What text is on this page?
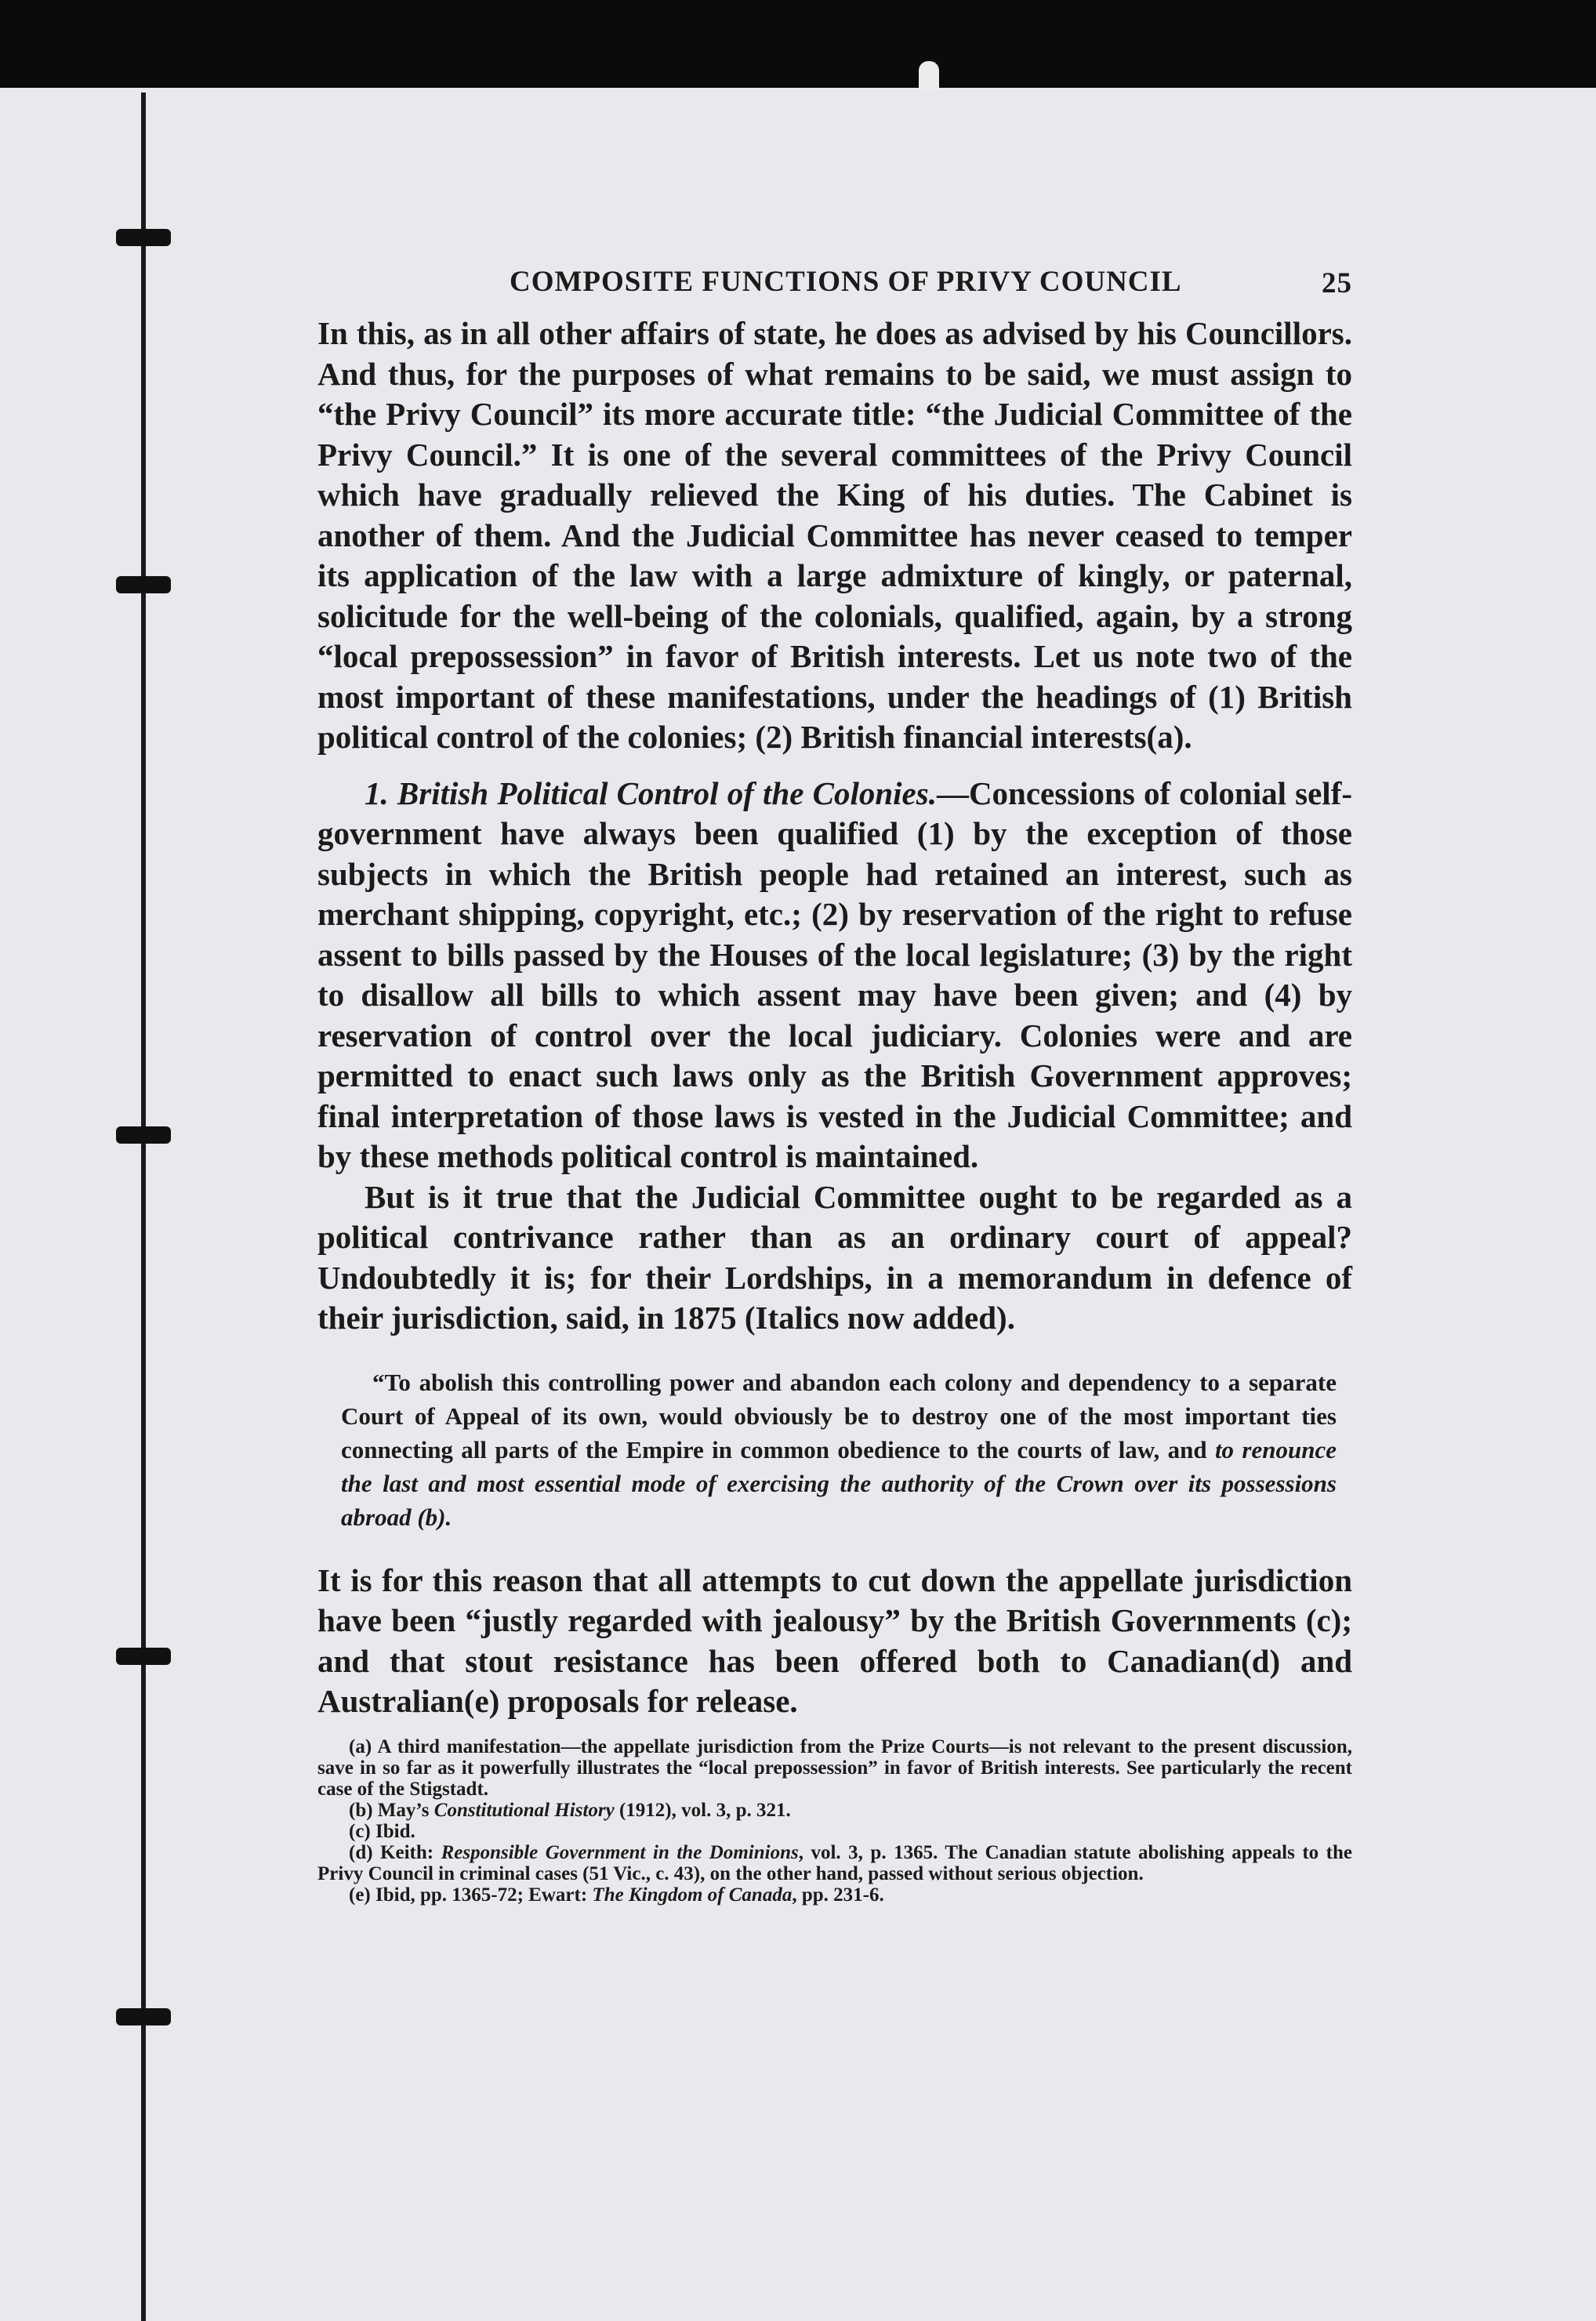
COMPOSITE FUNCTIONS OF PRIVY COUNCIL	25

In this, as in all other affairs of state, he does as advised by his Councillors. And thus, for the purposes of what remains to be said, we must assign to “the Privy Council” its more accurate title: “the Judicial Committee of the Privy Council.” It is one of the several committees of the Privy Council which have gradually relieved the King of his duties. The Cabinet is another of them. And the Judicial Committee has never ceased to temper its application of the law with a large admixture of kingly, or paternal, solicitude for the well-being of the colonials, qualified, again, by a strong “local prepossession” in favor of British interests. Let us note two of the most important of these manifestations, under the headings of (1) British political control of the colonies; (2) British financial interests(a).

1. British Political Control of the Colonies.—Concessions of colonial self-government have always been qualified (1) by the exception of those subjects in which the British people had retained an interest, such as merchant shipping, copyright, etc.; (2) by reservation of the right to refuse assent to bills passed by the Houses of the local legislature; (3) by the right to disallow all bills to which assent may have been given; and (4) by reservation of control over the local judiciary. Colonies were and are permitted to enact such laws only as the British Government approves; final interpretation of those laws is vested in the Judicial Committee; and by these methods political control is maintained.

But is it true that the Judicial Committee ought to be regarded as a political contrivance rather than as an ordinary court of appeal? Undoubtedly it is; for their Lordships, in a memorandum in defence of their jurisdiction, said, in 1875 (Italics now added).

“To abolish this controlling power and abandon each colony and dependency to a separate Court of Appeal of its own, would obviously be to destroy one of the most important ties connecting all parts of the Empire in common obedience to the courts of law, and to renounce the last and most essential mode of exercising the authority of the Crown over its possessions abroad (b).

It is for this reason that all attempts to cut down the appellate jurisdiction have been “justly regarded with jealousy” by the British Governments (c); and that stout resistance has been offered both to Canadian(d) and Australian(e) proposals for release.

(a) A third manifestation—the appellate jurisdiction from the Prize Courts—is not relevant to the present discussion, save in so far as it powerfully illustrates the “local prepossession” in favor of British interests. See particularly the recent case of the Stigstadt.

(b) May’s Constitutional History (1912), vol. 3, p. 321.

(c) Ibid.

(d) Keith: Responsible Government in the Dominions, vol. 3, p. 1365. The Canadian statute abolishing appeals to the Privy Council in criminal cases (51 Vic., c. 43), on the other hand, passed without serious objection.

(e) Ibid, pp. 1365-72; Ewart: The Kingdom of Canada, pp. 231-6.
